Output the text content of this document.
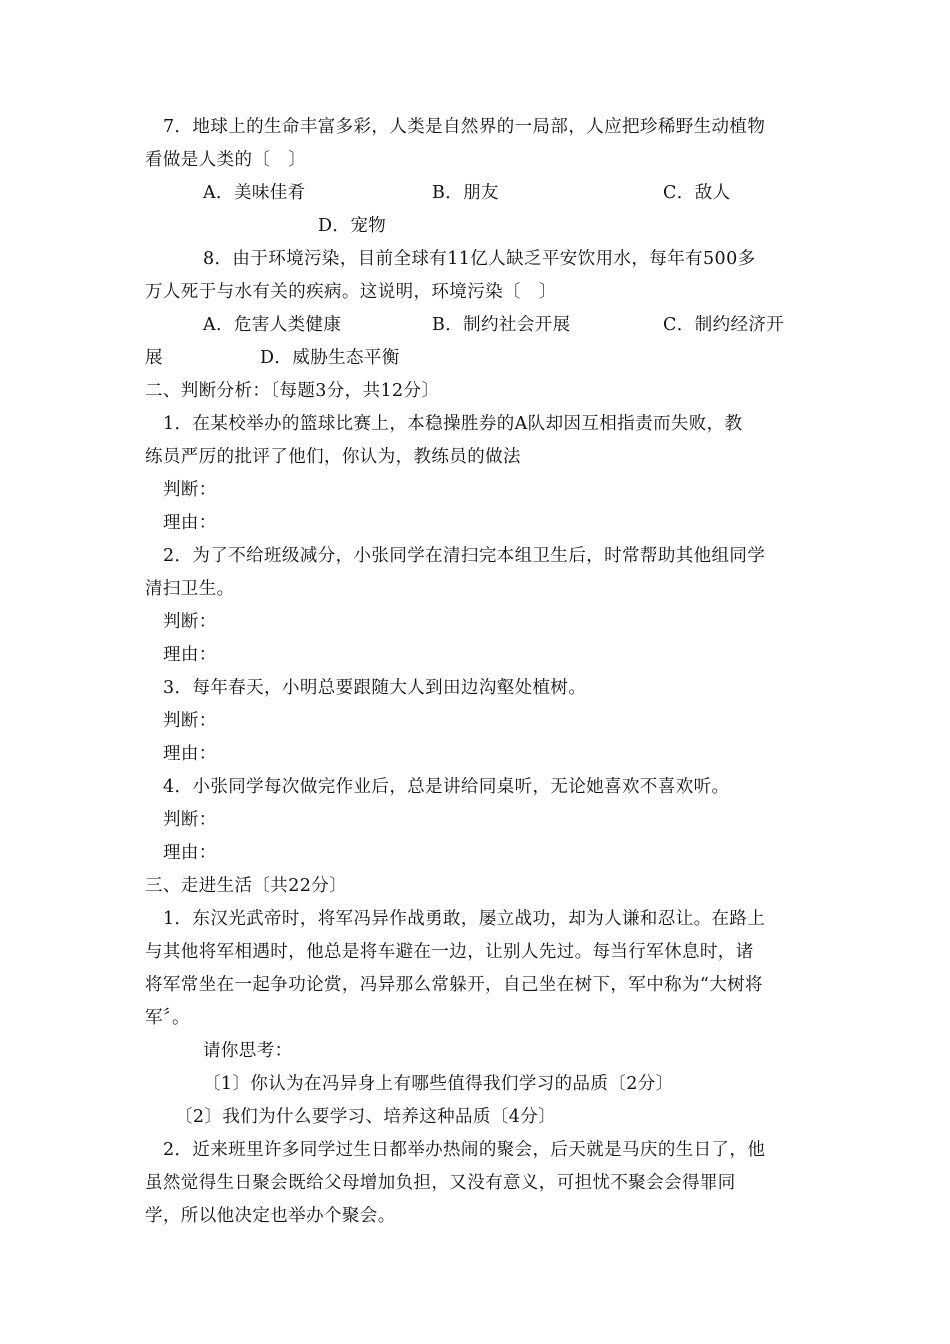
7．地球上的生命丰富多彩，人类是自然界的一局部，人应把珍稀野生动植物
看做是人类的〔　〕
A．美味佳肴	B．朋友	C．敌人
D．宠物
8．由于环境污染，目前全球有11亿人缺乏平安饮用水，每年有500多
万人死于与水有关的疾病。这说明，环境污染〔　〕
A．危害人类健康	B．制约社会开展	C．制约经济开
展	D．威胁生态平衡
二、判断分析：〔每题3分，共12分〕
1．在某校举办的篮球比赛上，本稳操胜券的A队却因互相指责而失败，教
练员严厉的批评了他们，你认为，教练员的做法
判断：
理由：
2．为了不给班级减分，小张同学在清扫完本组卫生后，时常帮助其他组同学
清扫卫生。
判断：
理由：
3．每年春天，小明总要跟随大人到田边沟壑处植树。
判断：
理由：
4．小张同学每次做完作业后，总是讲给同桌听，无论她喜欢不喜欢听。
判断：
理由：
三、走进生活〔共22分〕
1．东汉光武帝时，将军冯异作战勇敢，屡立战功，却为人谦和忍让。在路上
与其他将军相遇时，他总是将车避在一边，让别人先过。每当行军休息时，诸
将军常坐在一起争功论赏，冯异那么常躲开，自己坐在树下，军中称为“大树将
军〞。
请你思考：
〔1〕你认为在冯异身上有哪些值得我们学习的品质〔2分〕
〔2〕我们为什么要学习、培养这种品质〔4分〕
2．近来班里许多同学过生日都举办热闹的聚会，后天就是马庆的生日了，他
虽然觉得生日聚会既给父母增加负担，又没有意义，可担忧不聚会会得罪同
学，所以他决定也举办个聚会。
